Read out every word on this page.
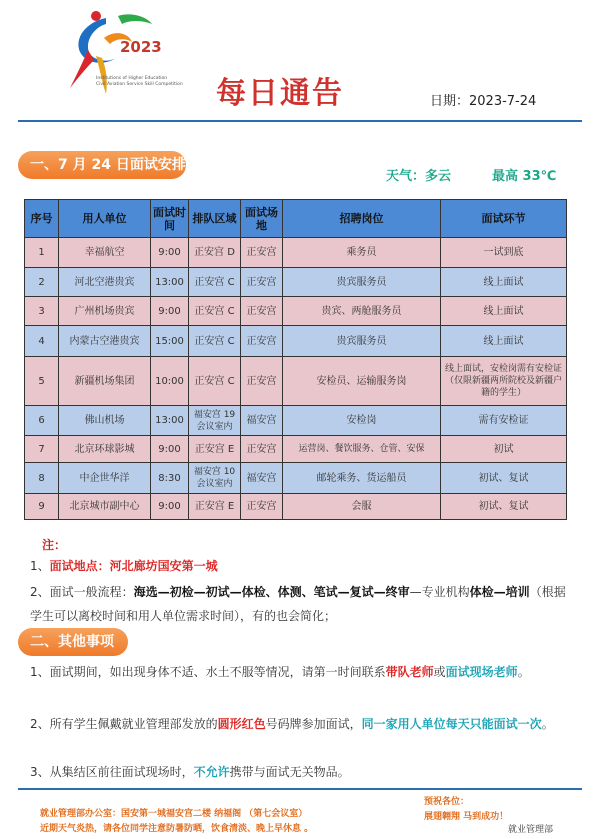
2023
Institutions of Higher Education
Civil Aviation Service Skill Competition 每日通告	日期：2023-7-24
一、7 月 24 日面试安排
天气：多云	最高 33℃
序号	用人单位	面试时间	排队区域	面试场地	招聘岗位	面试环节
1	幸福航空	9:00	正安宫 D	正安宫	乘务员	一试到底
2	河北空港贵宾	13:00	正安宫 C	正安宫	贵宾服务员	线上面试
3	广州机场贵宾	9:00	正安宫 C	正安宫	贵宾、两舱服务员	线上面试
4	内蒙古空港贵宾	15:00	正安宫 C	正安宫	贵宾服务员	线上面试
5	新疆机场集团	10:00	正安宫 C	正安宫	安检员、运输服务岗	线上面试，安检岗需有安检证（仅限新疆两所院校及新疆户籍的学生）
6	佛山机场	13:00	福安宫 19 会议室内	福安宫	安检岗	需有安检证
7	北京环球影城	9:00	正安宫 E	正安宫	运营岗、餐饮服务、仓管、安保	初试
8	中企世华洋	8:30	福安宫 10 会议室内	福安宫	邮轮乘务、货运船员	初试、复试
9	北京城市副中心	9:00	正安宫 E	正安宫	会服	初试、复试
注：
1、面试地点：河北廊坊国安第一城
2、面试一般流程：海选—初检—初试—体检、体测、笔试—复试—终审—专业机构体检—培训（根据学生可以离校时间和用人单位需求时间），有的也会简化；
二、其他事项
1、面试期间，如出现身体不适、水土不服等情况，请第一时间联系带队老师或面试现场老师。
2、所有学生佩戴就业管理部发放的圆形红色号码牌参加面试，同一家用人单位每天只能面试一次。
3、从集结区前往面试现场时，不允许携带与面试无关物品。
就业管理部办公室：国安第一城福安宫二楼 纳福阁 （第七会议室）
近期天气炎热，请各位同学注意防暑防晒，饮食清淡、晚上早休息 。
预祝各位：
展翅翱翔 马到成功！
就业管理部
